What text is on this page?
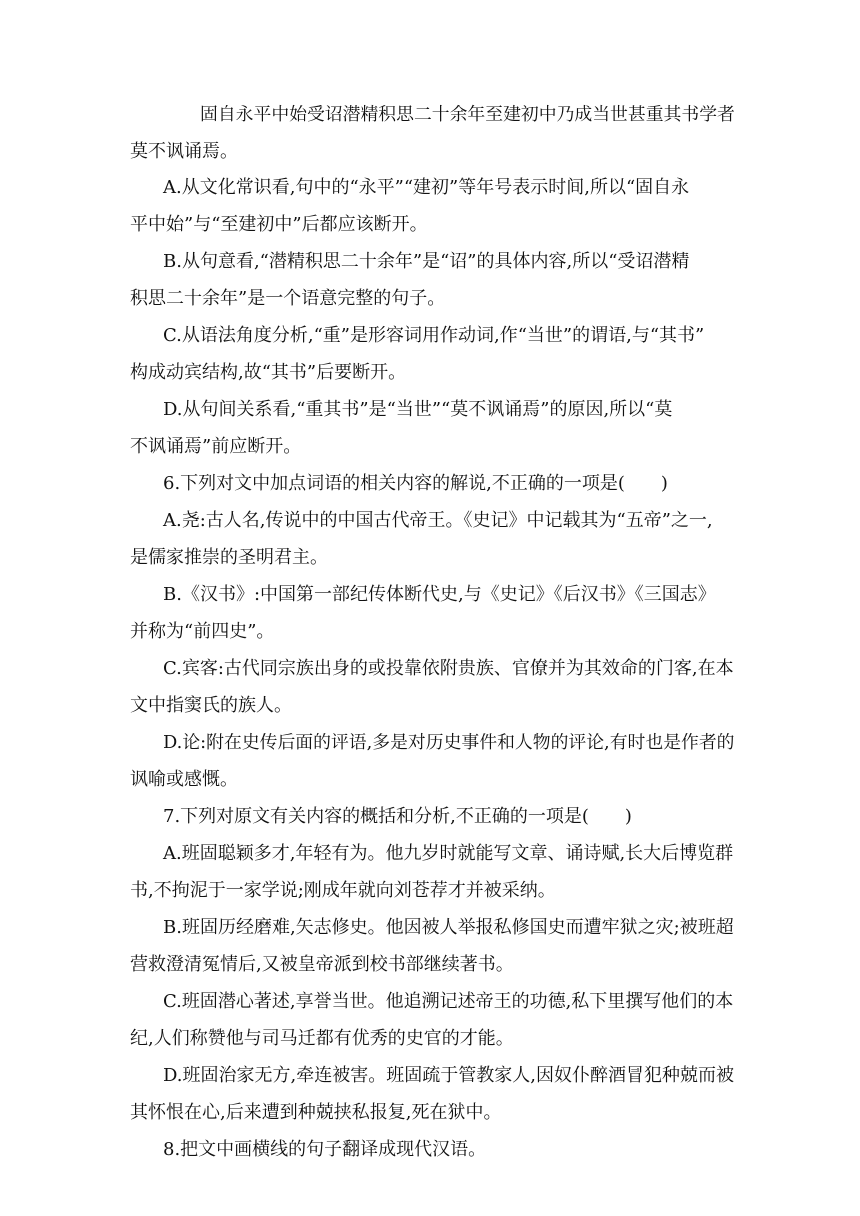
固自永平中始受诏潜精积思二十余年至建初中乃成当世甚重其书学者
莫不讽诵焉。
A.从文化常识看,句中的“永平”“建初”等年号表示时间,所以“固自永
平中始”与“至建初中”后都应该断开。
B.从句意看,“潜精积思二十余年”是“诏”的具体内容,所以“受诏潜精
积思二十余年”是一个语意完整的句子。
C.从语法角度分析,“重”是形容词用作动词,作“当世”的谓语,与“其书”
构成动宾结构,故“其书”后要断开。
D.从句间关系看,“重其书”是“当世”“莫不讽诵焉”的原因,所以“莫
不讽诵焉”前应断开。
6.下列对文中加点词语的相关内容的解说,不正确的一项是(　　)
A.尧:古人名,传说中的中国古代帝王。《史记》中记载其为“五帝”之一,
是儒家推崇的圣明君主。
B.《汉书》:中国第一部纪传体断代史,与《史记》《后汉书》《三国志》
并称为“前四史”。
C.宾客:古代同宗族出身的或投靠依附贵族、官僚并为其效命的门客,在本
文中指窦氏的族人。
D.论:附在史传后面的评语,多是对历史事件和人物的评论,有时也是作者的
讽喻或感慨。
7.下列对原文有关内容的概括和分析,不正确的一项是(　　)
A.班固聪颖多才,年轻有为。他九岁时就能写文章、诵诗赋,长大后博览群
书,不拘泥于一家学说;刚成年就向刘苍荐才并被采纳。
B.班固历经磨难,矢志修史。他因被人举报私修国史而遭牢狱之灾;被班超
营救澄清冤情后,又被皇帝派到校书部继续著书。
C.班固潜心著述,享誉当世。他追溯记述帝王的功德,私下里撰写他们的本
纪,人们称赞他与司马迁都有优秀的史官的才能。
D.班固治家无方,牵连被害。班固疏于管教家人,因奴仆醉酒冒犯种兢而被
其怀恨在心,后来遭到种兢挟私报复,死在狱中。
8.把文中画横线的句子翻译成现代汉语。
